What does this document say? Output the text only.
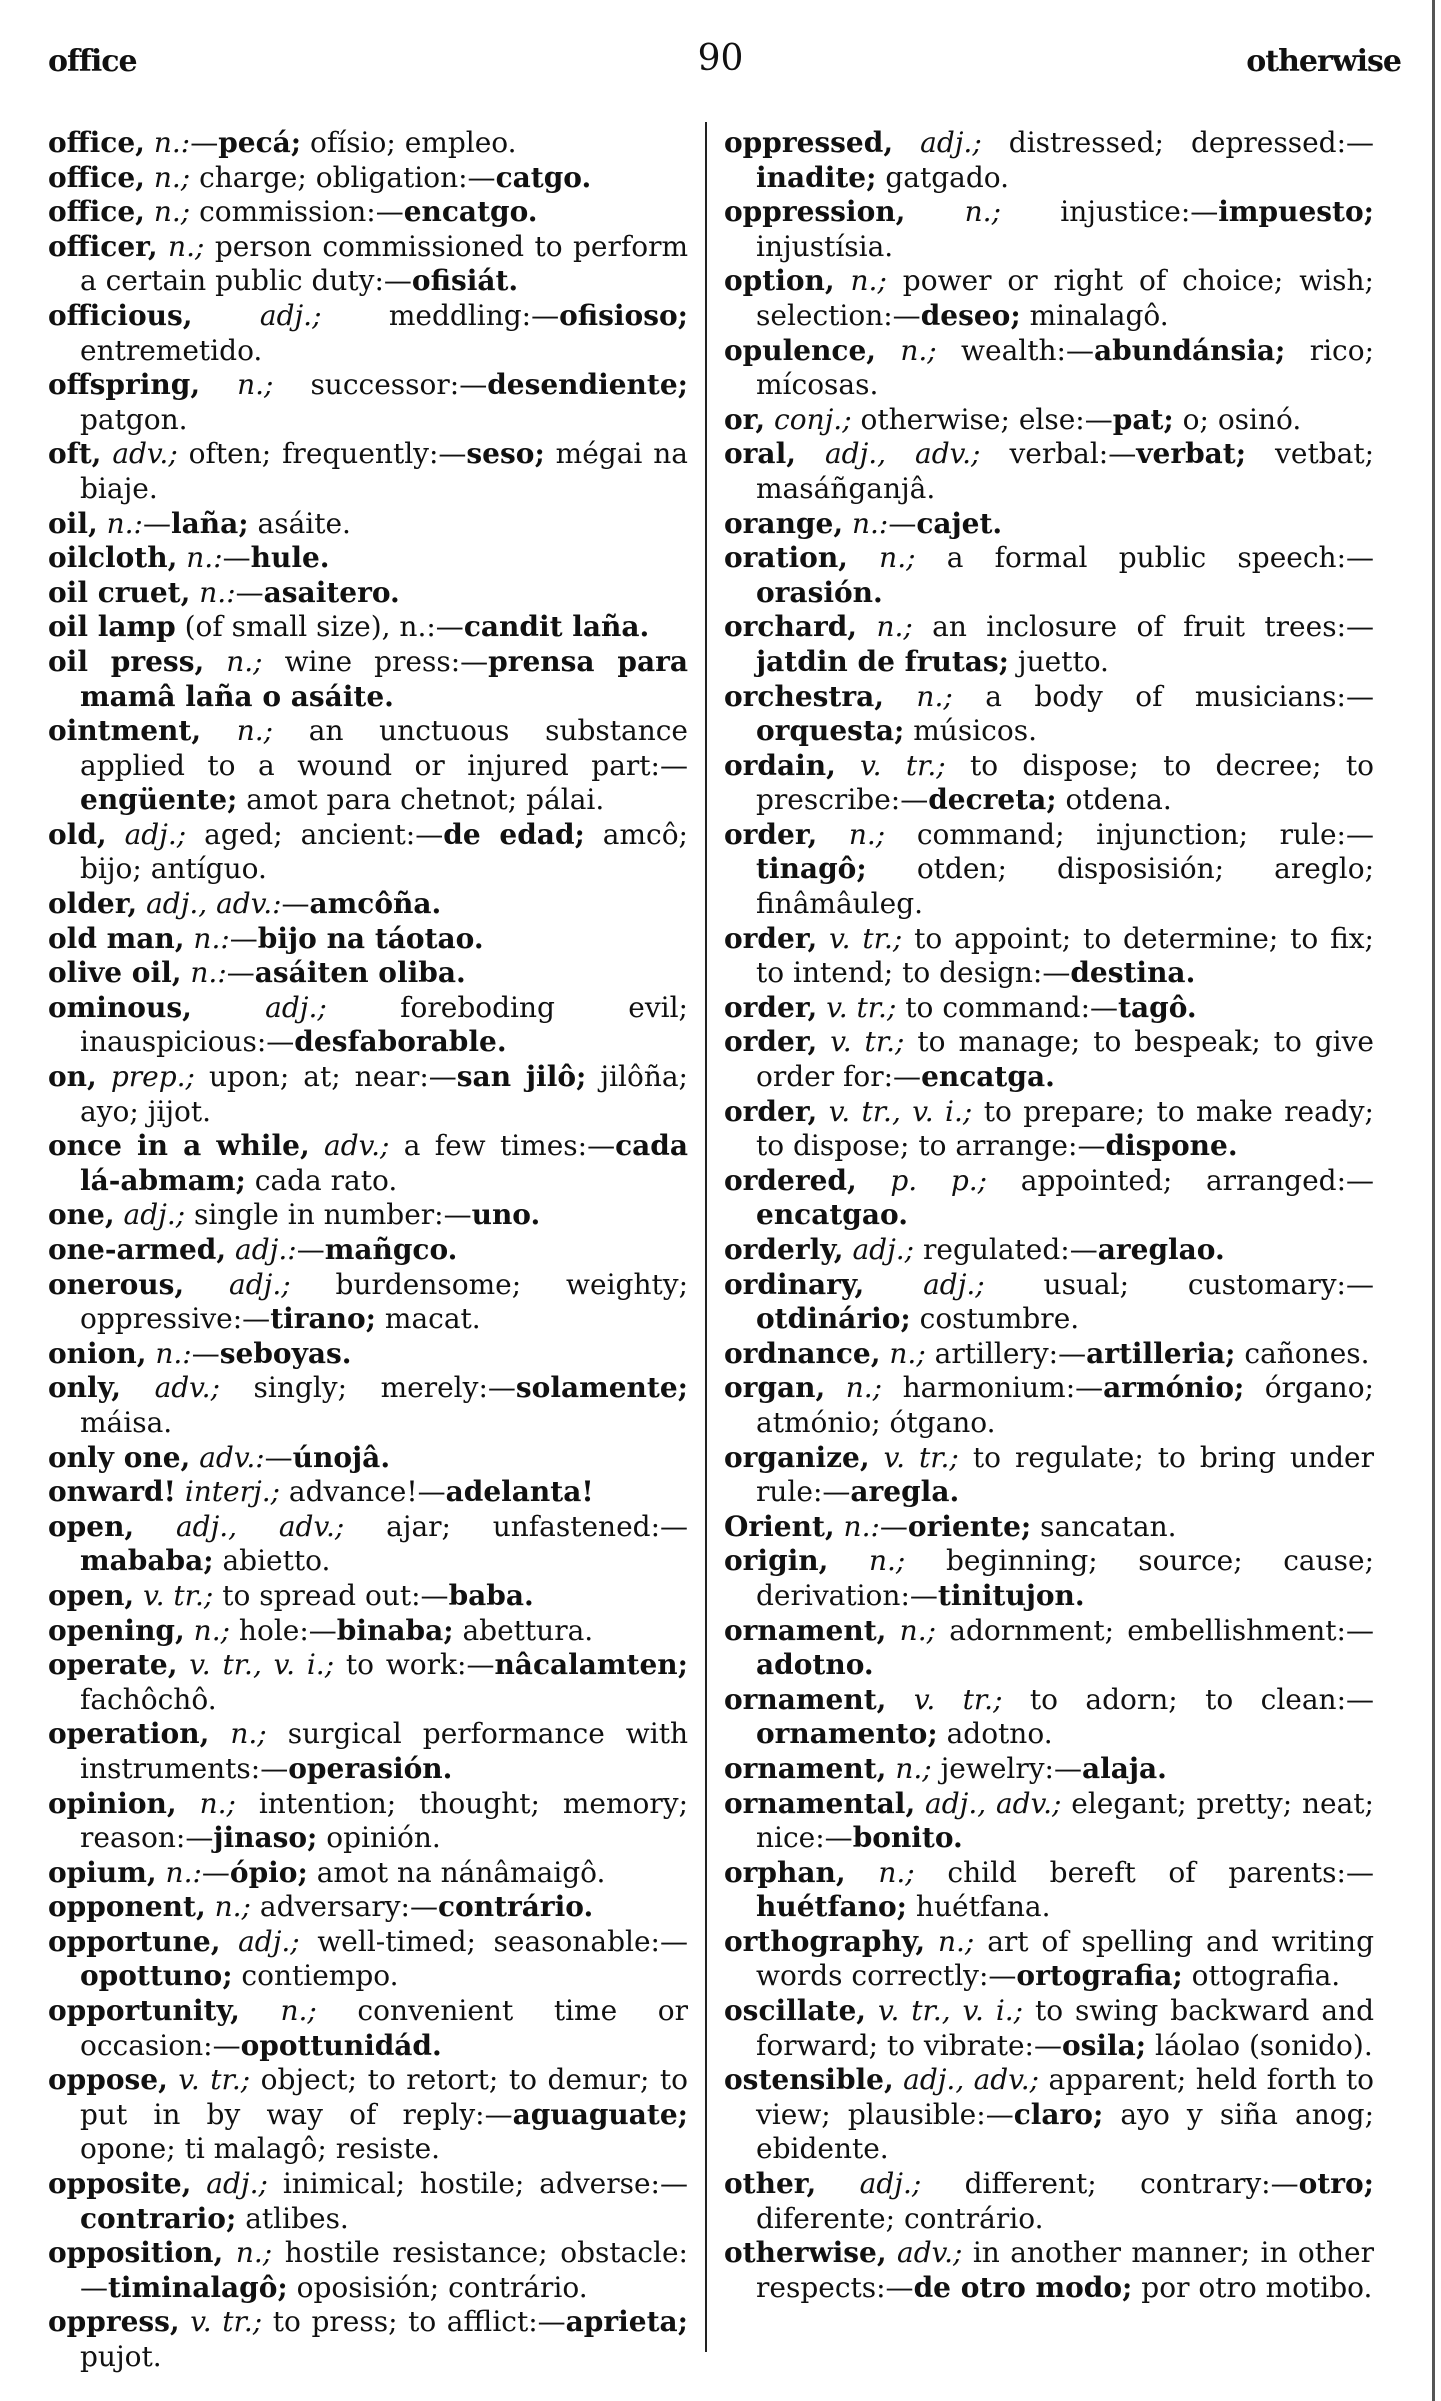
office	90	otherwise
office, n.:—pecá; ofísio; empleo.
office, n.; charge; obligation:—catgo.
office, n.; commission:—encatgo.
officer, n.; person commissioned to perform a certain public duty:—ofisiát.
officious, adj.; meddling:—ofisioso; entremetido.
offspring, n.; successor:—desendiente; patgon.
oft, adv.; often; frequently:—seso; mégai na biaje.
oil, n.:—laña; asáite.
oilcloth, n.:—hule.
oil cruet, n.:—asaitero.
oil lamp (of small size), n.:—candit laña.
oil press, n.; wine press:—prensa para mamâ laña o asáite.
ointment, n.; an unctuous substance applied to a wound or injured part:—engüente; amot para chetnot; pálai.
old, adj.; aged; ancient:—de edad; amcô; bijo; antíguo.
older, adj., adv.:—amcôña.
old man, n.:—bijo na táotao.
olive oil, n.:—asáiten oliba.
ominous,	adj.; foreboding evil; inauspicious:—desfaborable.
on, prep.; upon; at; near:—san jilô; jilôña; ayo; jijot.
once in a while, adv.; a few times:—cada lá-abmam; cada rato.
one, adj.; single in number:—uno.
one-armed, adj.:—mañgco.
onerous, adj.; burdensome; weighty; oppressive:—tirano; macat.
onion, n.:—seboyas.
only, adv.; singly; merely:—solamente; máisa.
only one, adv.:—únojâ.
onward! interj.; advance!—adelanta!
open, adj., adv.; ajar; unfastened:—mababa; abietto.
open, v. tr.; to spread out:—baba.
opening, n.; hole:—binaba; abettura.
operate, v. tr., v. i.; to work:—nâcalamten; fachôchô.
operation, n.; surgical performance with instruments:—operasión.
opinion, n.; intention; thought; memory; reason:—jinaso; opinión.
opium, n.:—ópio; amot na nánâmaigô.
opponent, n.; adversary:—contrário.
opportune, adj.; well-timed; seasonable:—opottuno; contiempo.
opportunity, n.; convenient time or occasion:—opottunidád.
oppose, v. tr.; object; to retort; to demur; to put in by way of reply:—aguaguate; opone; ti malagô; resiste.
opposite, adj.; inimical; hostile; adverse:—contrario; atlibes.
opposition, n.; hostile resistance; obstacle:—timinalagô; oposisión; contrário.
oppress, v. tr.; to press; to afflict:—aprieta; pujot.
oppressed, adj.; distressed; depressed:—inadite; gatgado.
oppression, n.; injustice:—impuesto; injustísia.
option, n.; power or right of choice; wish; selection:—deseo; minalagô.
opulence, n.; wealth:—abundánsia; rico; mícosas.
or, conj.; otherwise; else:—pat; o; osinó.
oral, adj., adv.; verbal:—verbat; vetbat; masáñganjâ.
orange, n.:—cajet.
oration, n.; a formal public speech:—orasión.
orchard, n.; an inclosure of fruit trees:—jatdin de frutas; juetto.
orchestra, n.; a body of musicians:—orquesta; músicos.
ordain, v. tr.; to dispose; to decree; to prescribe:—decreta; otdena.
order, n.; command; injunction; rule:—tinagô; otden; disposisión; areglo; finâmâuleg.
order, v. tr.; to appoint; to determine; to fix; to intend; to design:—destina.
order, v. tr.; to command:—tagô.
order, v. tr.; to manage; to bespeak; to give order for:—encatga.
order, v. tr., v. i.; to prepare; to make ready; to dispose; to arrange:—dispone.
ordered, p. p.; appointed; arranged:—encatgao.
orderly, adj.; regulated:—areglao.
ordinary, adj.; usual; customary:—otdinário; costumbre.
ordnance, n.; artillery:—artilleria; cañones.
organ, n.; harmonium:—armónio; órgano; atmónio; ótgano.
organize, v. tr.; to regulate; to bring under rule:—aregla.
Orient, n.:—oriente; sancatan.
origin, n.; beginning; source; cause; derivation:—tinitujon.
ornament, n.; adornment; embellishment:—adotno.
ornament, v. tr.; to adorn; to clean:—ornamento; adotno.
ornament, n.; jewelry:—alaja.
ornamental, adj., adv.; elegant; pretty; neat; nice:—bonito.
orphan, n.; child bereft of parents:—huétfano; huétfana.
orthography, n.; art of spelling and writing words correctly:—ortografia; ottografia.
oscillate, v. tr., v. i.; to swing backward and forward; to vibrate:—osila; láolao (sonido).
ostensible, adj., adv.; apparent; held forth to view; plausible:—claro; ayo y siña anog; ebidente.
other, adj.; different; contrary:—otro; diferente; contrário.
otherwise, adv.; in another manner; in other respects:—de otro modo; por otro motibo.
